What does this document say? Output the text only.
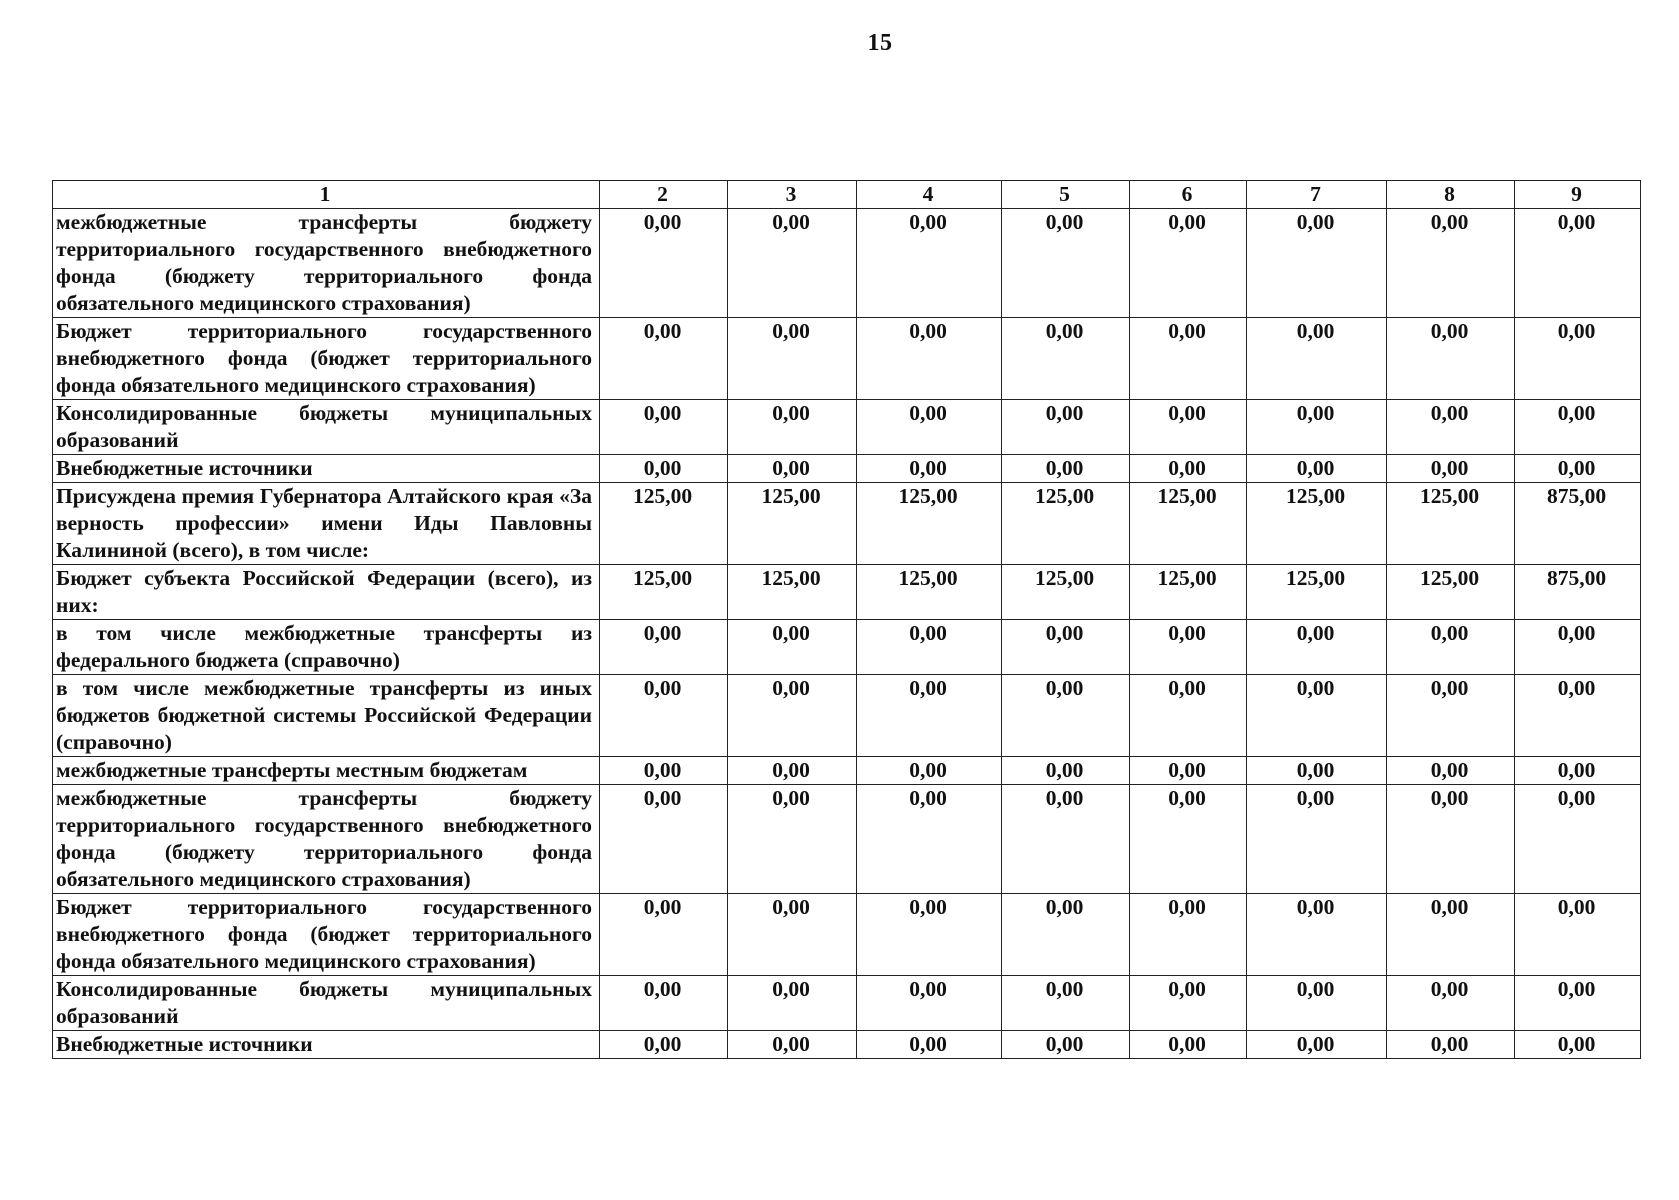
15
1	2	3	4	5	6	7	8	9
межбюджетные трансферты бюджету территориального государственного внебюджетного фонда (бюджету территориального фонда обязательного медицинского страхования)	0,00	0,00	0,00	0,00	0,00	0,00	0,00	0,00
Бюджет территориального государственного внебюджетного фонда (бюджет территориального фонда обязательного медицинского страхования)	0,00	0,00	0,00	0,00	0,00	0,00	0,00	0,00
Консолидированные бюджеты муниципальных образований	0,00	0,00	0,00	0,00	0,00	0,00	0,00	0,00
Внебюджетные источники	0,00	0,00	0,00	0,00	0,00	0,00	0,00	0,00
Присуждена премия Губернатора Алтайского края «За верность профессии» имени Иды Павловны Калининой (всего), в том числе:	125,00	125,00	125,00	125,00	125,00	125,00	125,00	875,00
Бюджет субъекта Российской Федерации (всего), из них:	125,00	125,00	125,00	125,00	125,00	125,00	125,00	875,00
в том числе межбюджетные трансферты из федерального бюджета (справочно)	0,00	0,00	0,00	0,00	0,00	0,00	0,00	0,00
в том числе межбюджетные трансферты из иных бюджетов бюджетной системы Российской Федерации (справочно)	0,00	0,00	0,00	0,00	0,00	0,00	0,00	0,00
межбюджетные трансферты местным бюджетам	0,00	0,00	0,00	0,00	0,00	0,00	0,00	0,00
межбюджетные трансферты бюджету территориального государственного внебюджетного фонда (бюджету территориального фонда обязательного медицинского страхования)	0,00	0,00	0,00	0,00	0,00	0,00	0,00	0,00
Бюджет территориального государственного внебюджетного фонда (бюджет территориального фонда обязательного медицинского страхования)	0,00	0,00	0,00	0,00	0,00	0,00	0,00	0,00
Консолидированные бюджеты муниципальных образований	0,00	0,00	0,00	0,00	0,00	0,00	0,00	0,00
Внебюджетные источники	0,00	0,00	0,00	0,00	0,00	0,00	0,00	0,00
